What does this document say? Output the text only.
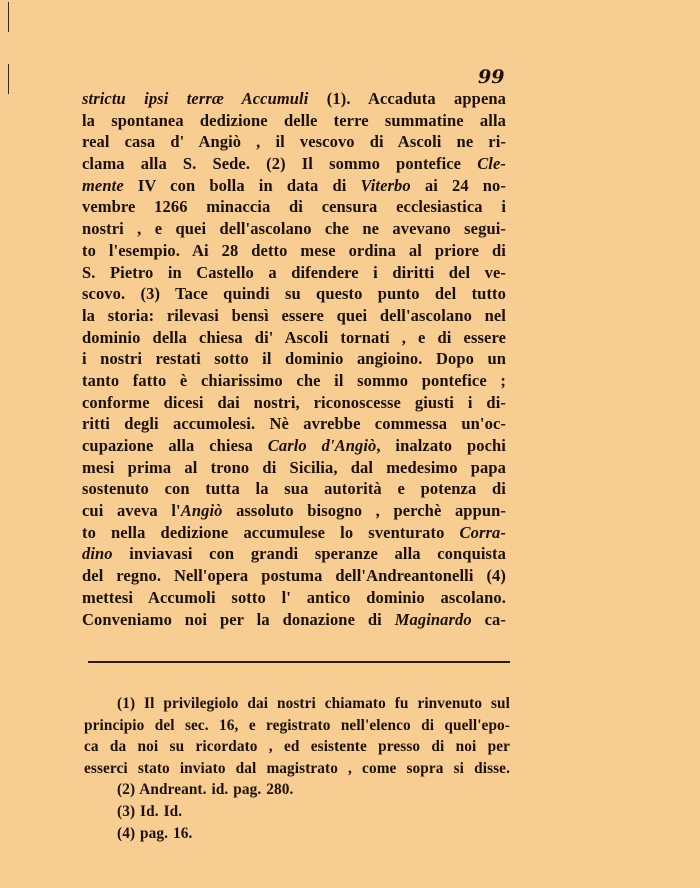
99
strictu ipsi terræ Accumuli (1). Accaduta appena
la spontanea dedizione delle terre summatine alla
real casa d' Angiò , il vescovo di Ascoli ne ri-
clama alla S. Sede. (2) Il sommo pontefice Cle-
mente IV con bolla in data di Viterbo ai 24 no-
vembre 1266 minaccia di censura ecclesiastica i
nostri , e quei dell'ascolano che ne avevano segui-
to l'esempio. Ai 28 detto mese ordina al priore di
S. Pietro in Castello a difendere i diritti del ve-
scovo. (3) Tace quindi su questo punto del tutto
la storia: rilevasi bensì essere quei dell'ascolano nel
dominio della chiesa di' Ascoli tornati , e di essere
i nostri restati sotto il dominio angioino. Dopo un
tanto fatto è chiarissimo che il sommo pontefice ;
conforme dicesi dai nostri, riconoscesse giusti i di-
ritti degli accumolesi. Nè avrebbe commessa un'oc-
cupazione alla chiesa Carlo d'Angiò, inalzato pochi
mesi prima al trono di Sicilia, dal medesimo papa
sostenuto con tutta la sua autorità e potenza di
cui aveva l'Angiò assoluto bisogno , perchè appun-
to nella dedizione accumulese lo sventurato Corra-
dino inviavasi con grandi speranze alla conquista
del regno. Nell'opera postuma dell'Andreantonelli (4)
mettesi Accumoli sotto l' antico dominio ascolano.
Conveniamo noi per la donazione di Maginardo ca-
(1) Il privilegiolo dai nostri chiamato fu rinvenuto sul
principio del sec. 16, e registrato nell'elenco di quell'epo-
ca da noi su ricordato , ed esistente presso di noi per
esserci stato inviato dal magistrato , come sopra si disse.
(2) Andreant. id. pag. 280.
(3) Id. Id.
(4) pag. 16.
